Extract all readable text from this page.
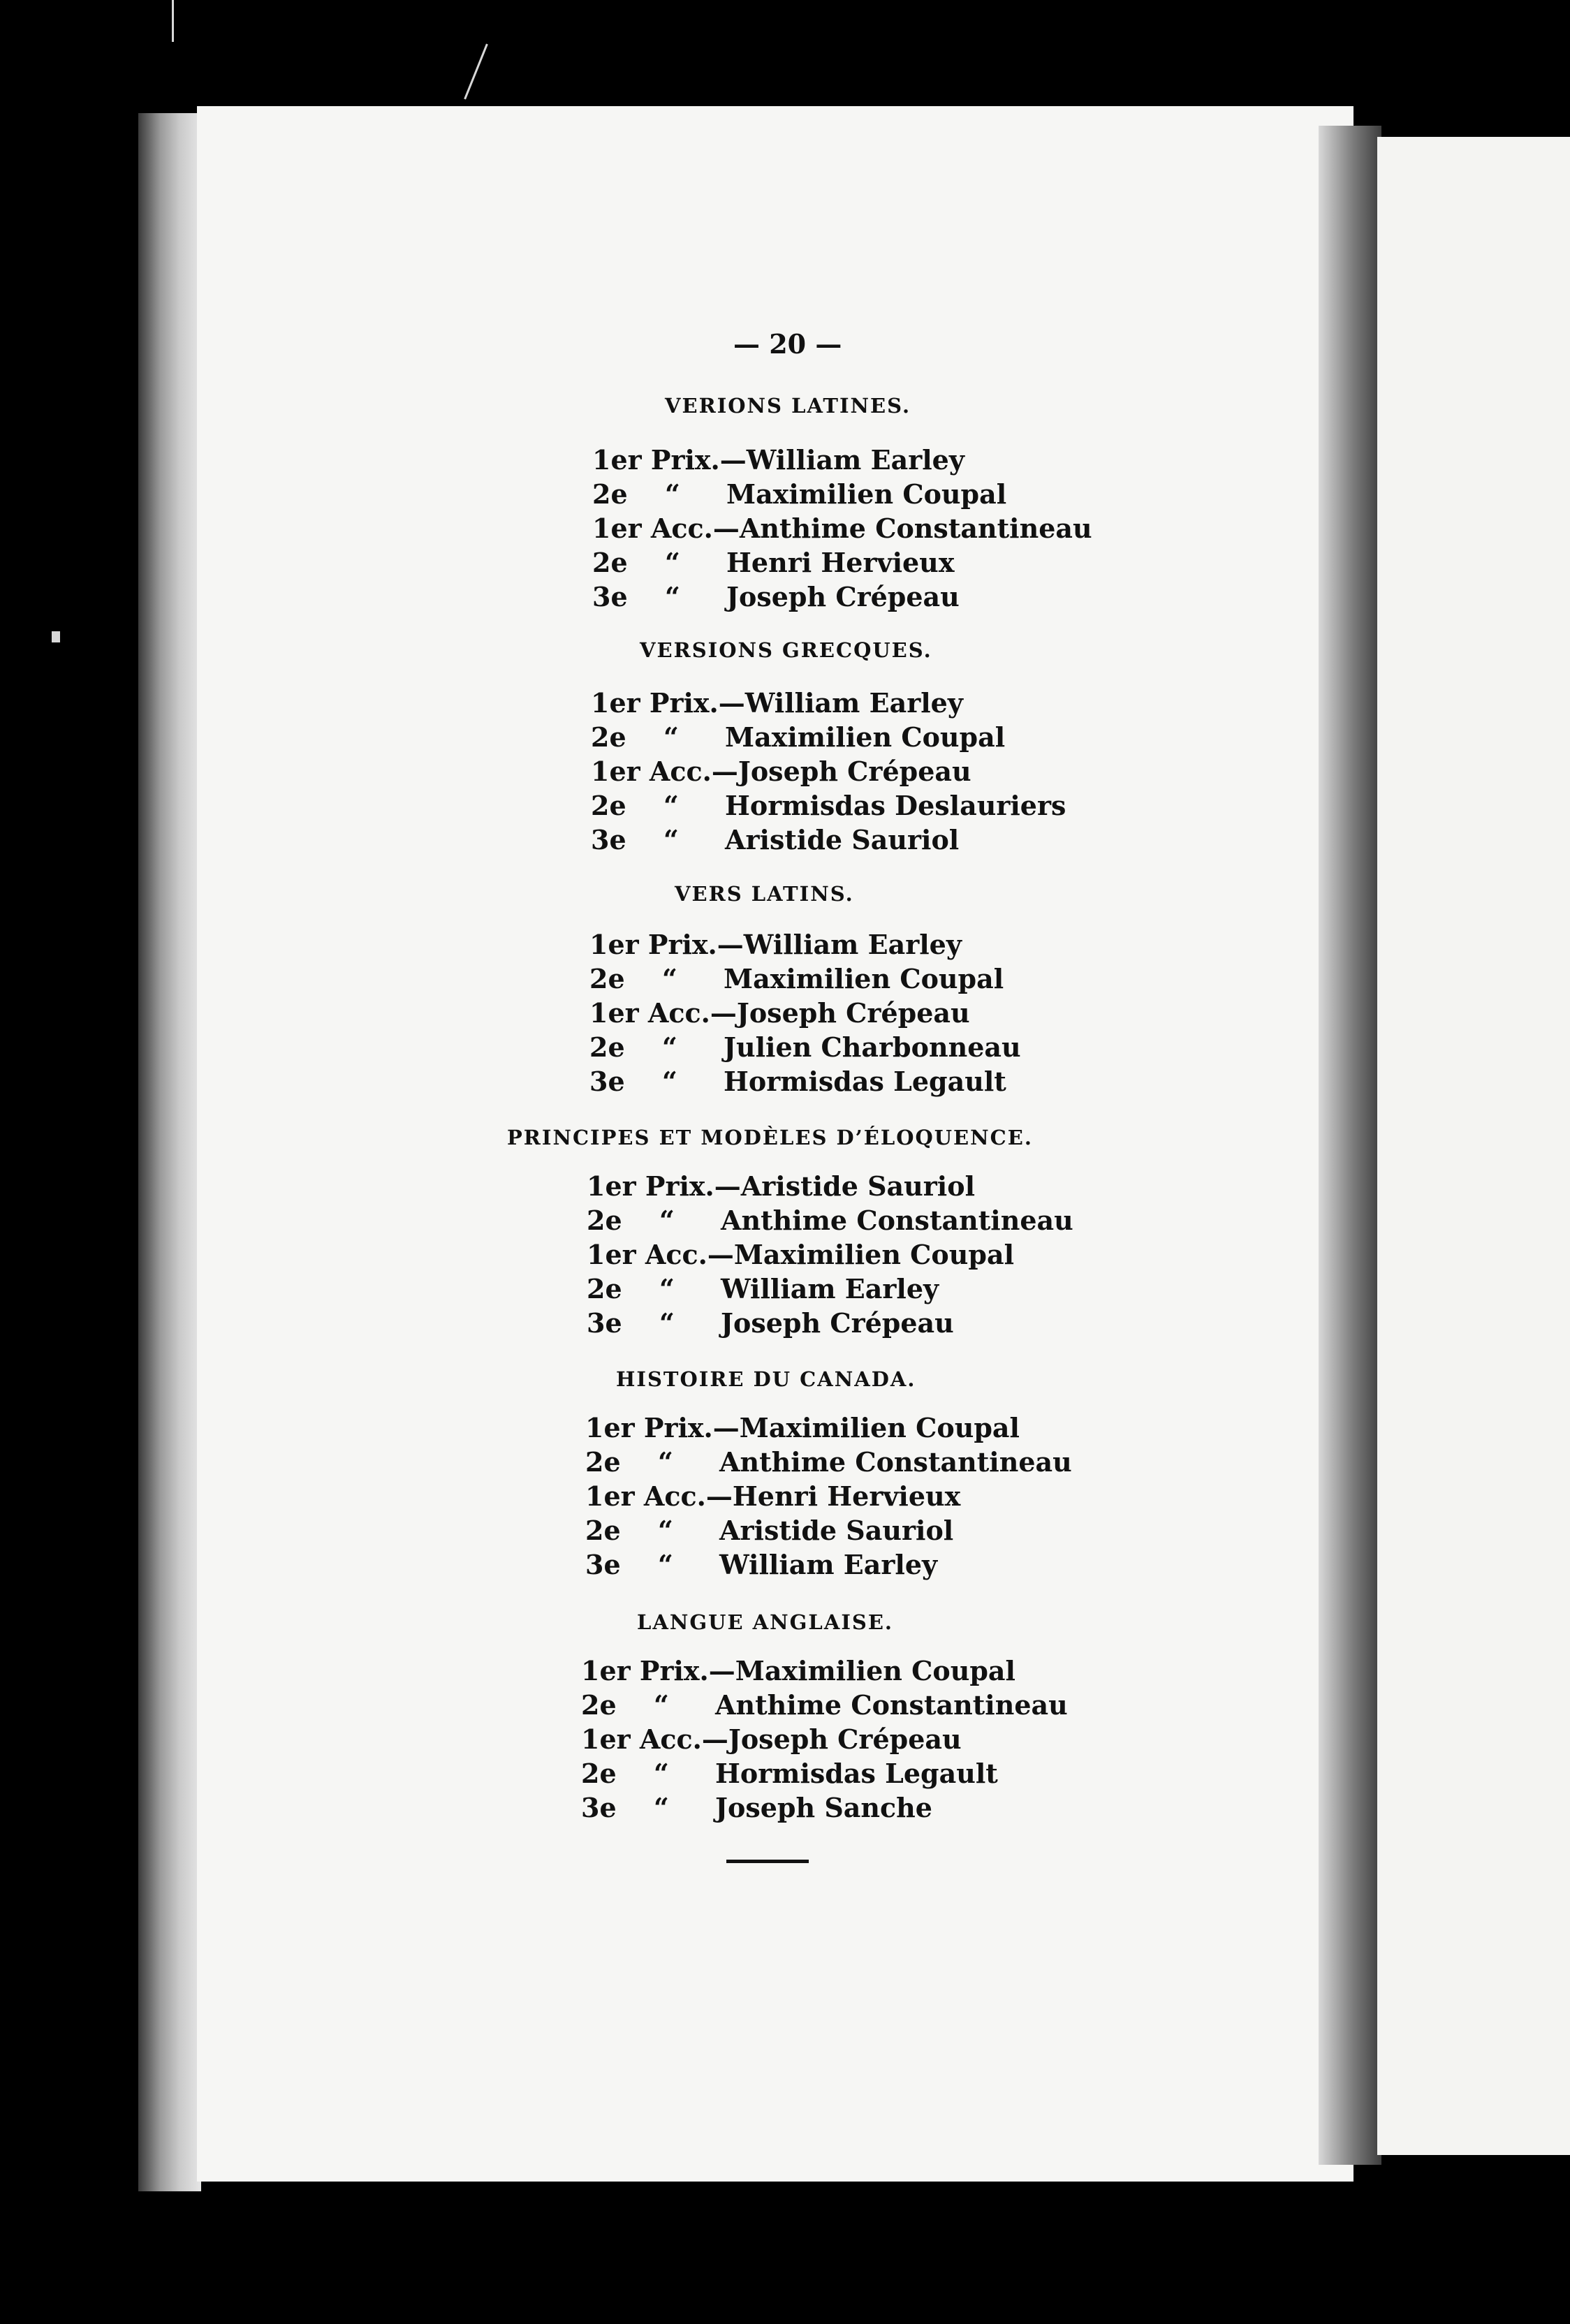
— 20 —
VERIONS LATINES.
1er Prix.—William Earley
2e “ Maximilien Coupal
1er Acc.—Anthime Constantineau
2e “ Henri Hervieux
3e “ Joseph Crépeau
VERSIONS GRECQUES.
1er Prix.—William Earley
2e “ Maximilien Coupal
1er Acc.—Joseph Crépeau
2e “ Hormisdas Deslauriers
3e “ Aristide Sauriol
VERS LATINS.
1er Prix.—William Earley
2e “ Maximilien Coupal
1er Acc.—Joseph Crépeau
2e “ Julien Charbonneau
3e “ Hormisdas Legault
PRINCIPES ET MODÈLES D’ÉLOQUENCE.
1er Prix.—Aristide Sauriol
2e “ Anthime Constantineau
1er Acc.—Maximilien Coupal
2e “ William Earley
3e “ Joseph Crépeau
HISTOIRE DU CANADA.
1er Prix.—Maximilien Coupal
2e “ Anthime Constantineau
1er Acc.—Henri Hervieux
2e “ Aristide Sauriol
3e “ William Earley
LANGUE ANGLAISE.
1er Prix.—Maximilien Coupal
2e “ Anthime Constantineau
1er Acc.—Joseph Crépeau
2e “ Hormisdas Legault
3e “ Joseph Sanche
